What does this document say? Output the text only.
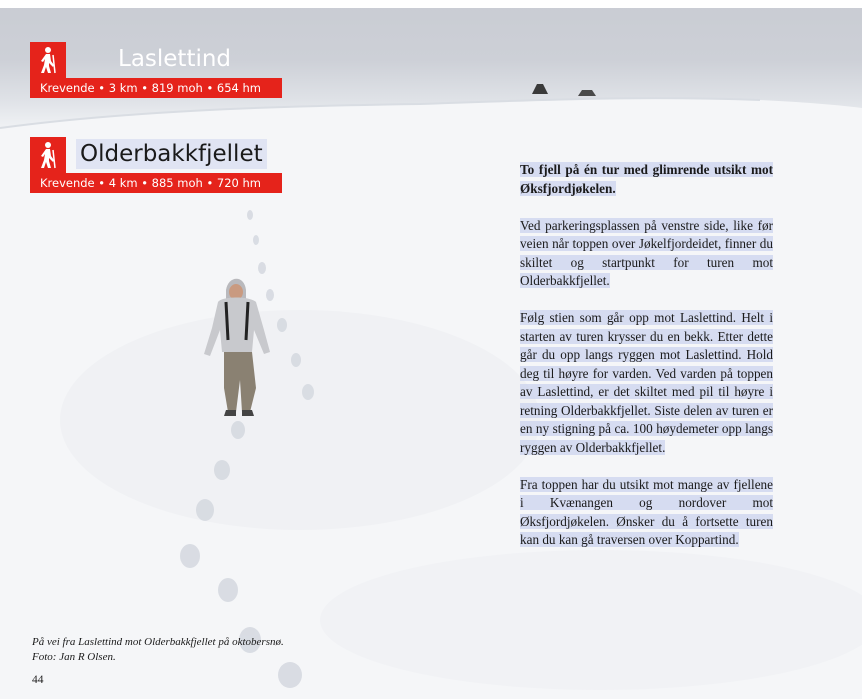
Laslettind
Krevende • 3 km • 819 moh • 654 hm
Olderbakkfjellet
Krevende • 4 km • 885 moh • 720 hm

To fjell på én tur med glimrende utsikt mot Øksfjordjøkelen.

Ved parkeringsplassen på venstre side, like før veien når toppen over Jøkelfjordeidet, finner du skiltet og startpunkt for turen mot Olderbakkfjellet.

Følg stien som går opp mot Laslettind. Helt i starten av turen krysser du en bekk. Etter dette går du opp langs ryggen mot Laslettind. Hold deg til høyre for varden. Ved varden på toppen av Laslettind, er det skiltet med pil til høyre i retning Olderbakkfjellet. Siste delen av turen er en ny stigning på ca. 100 høydemeter opp langs ryggen av Olderbakkfjellet.

Fra toppen har du utsikt mot mange av fjellene i Kvænangen og nordover mot Øksfjordjøkelen. Ønsker du å fortsette turen kan du kan gå traversen over Koppartind.

På vei fra Laslettind mot Olderbakkfjellet på oktobersnø.
Foto: Jan R Olsen.
44
